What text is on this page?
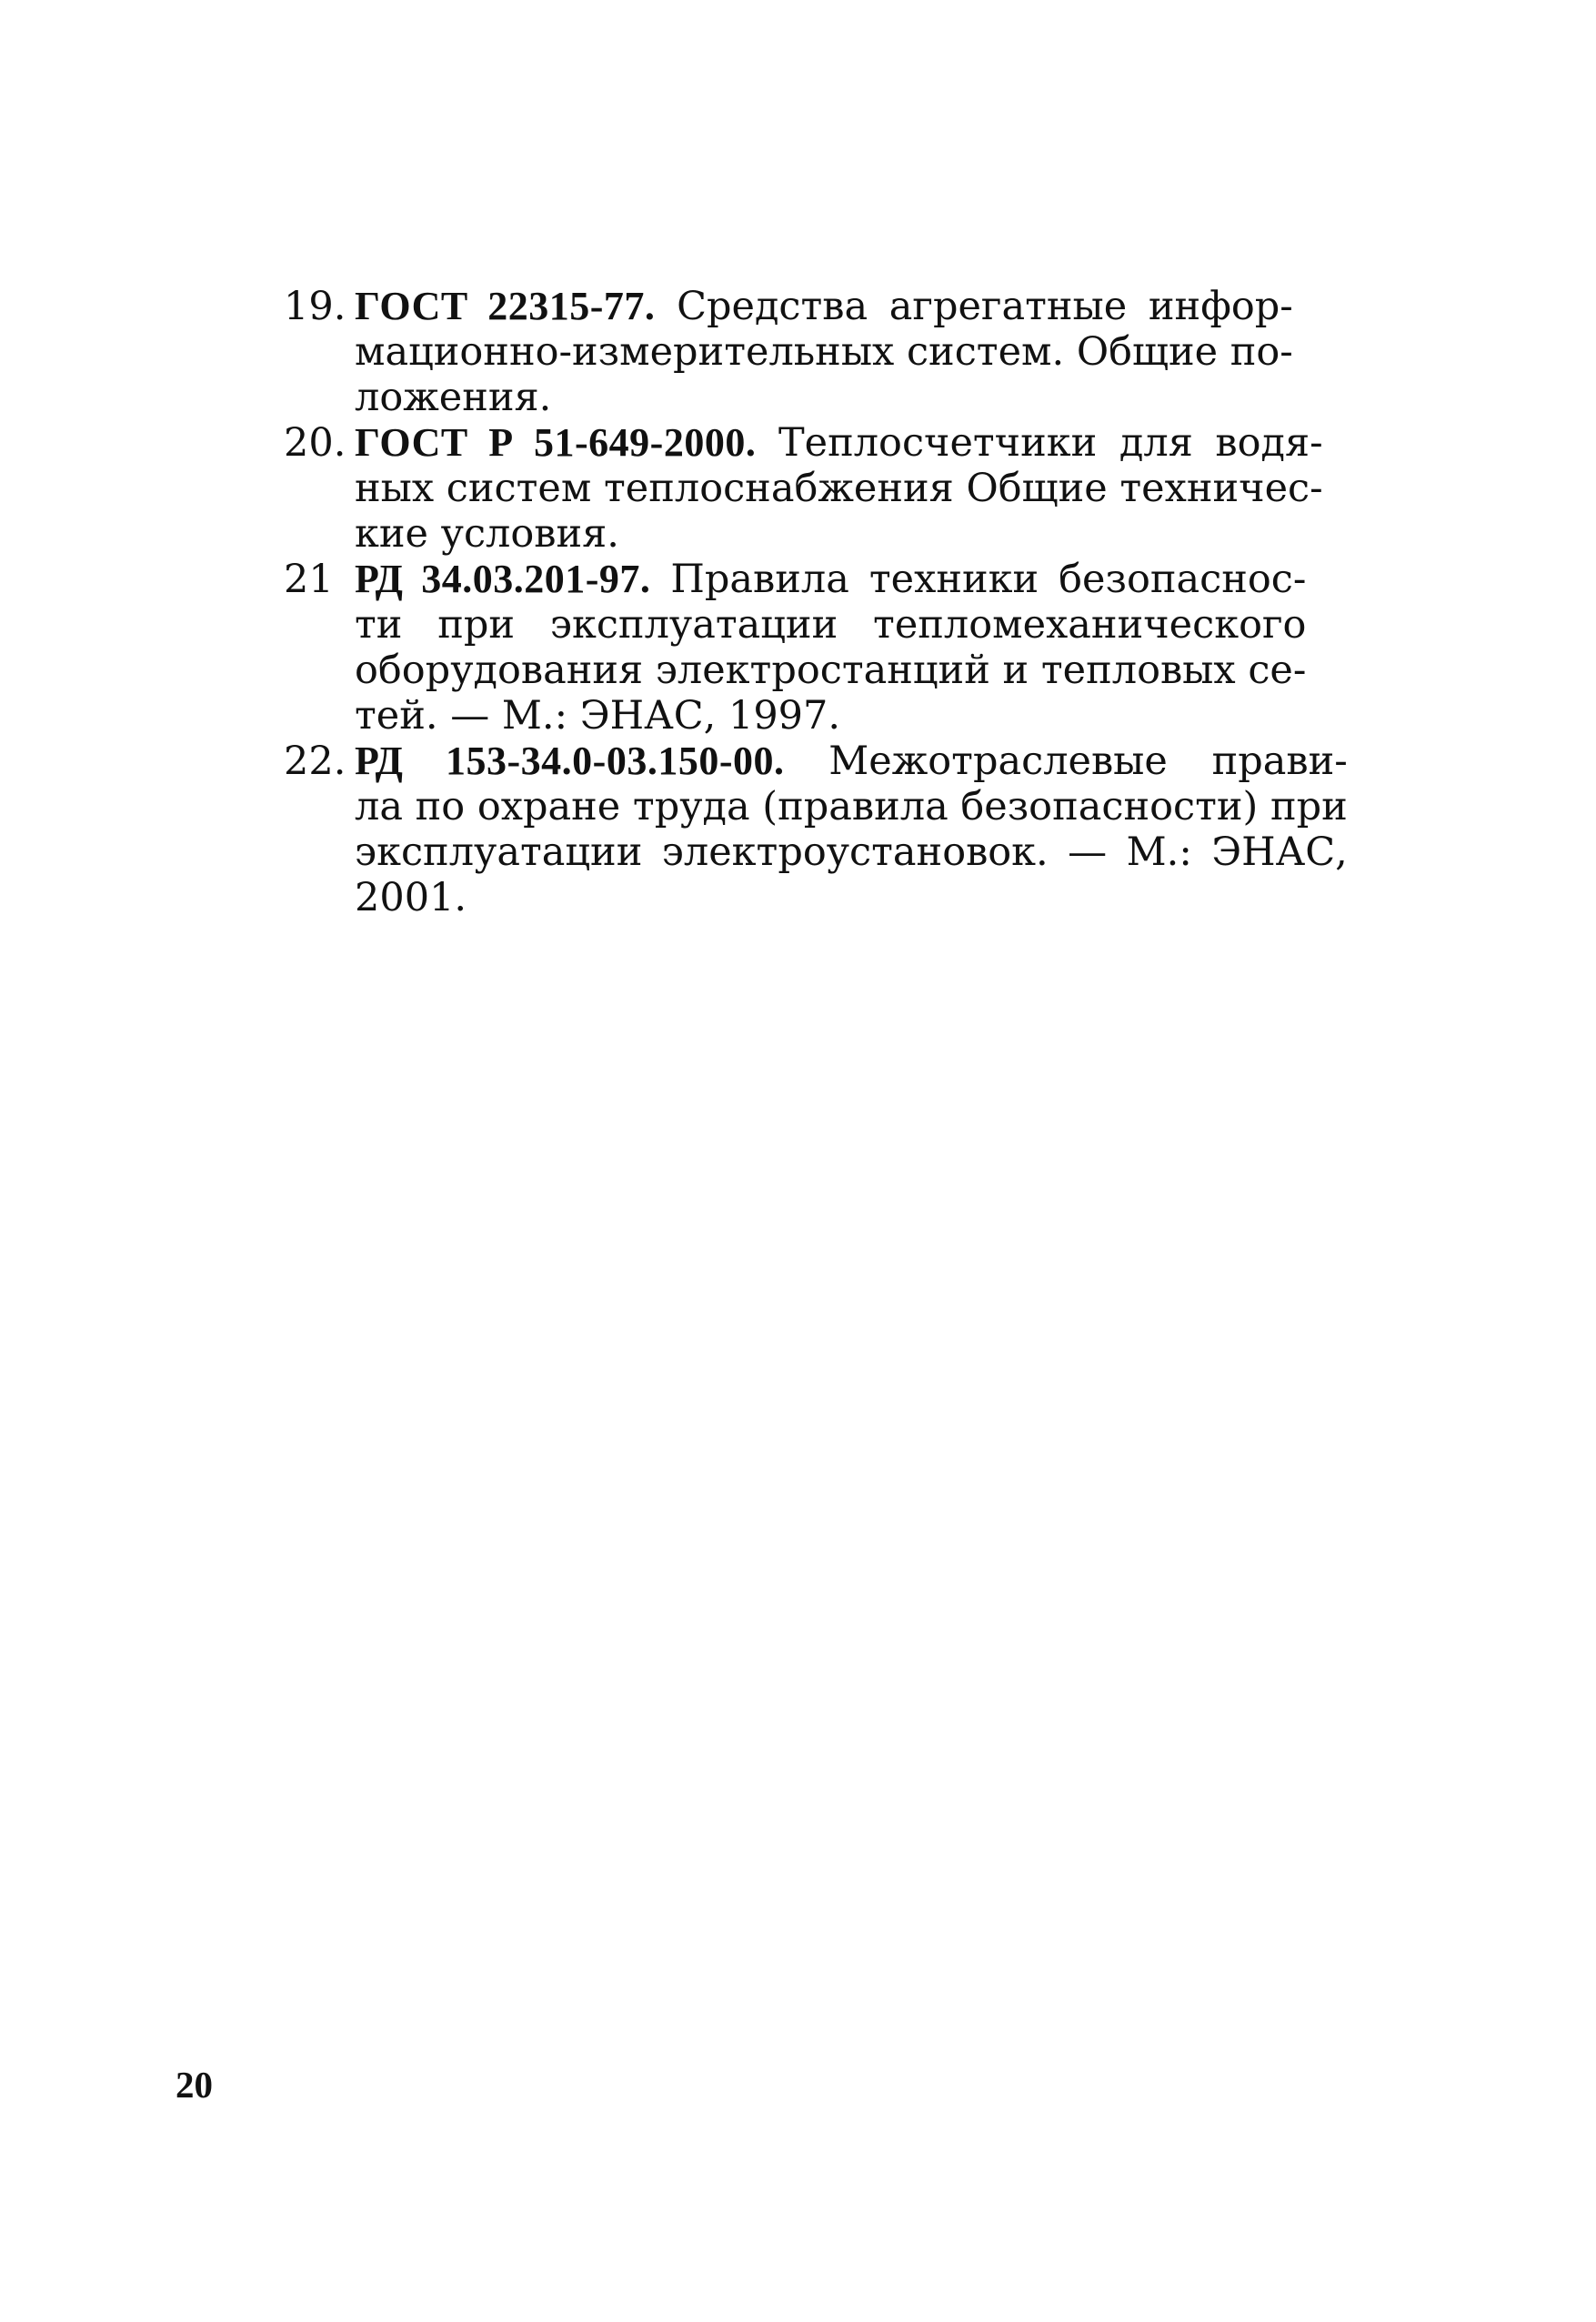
19. ГОСТ 22315-77. Средства агрегатные инфор-
мационно-измерительных систем. Общие по-
ложения.
20. ГОСТ Р 51-649-2000. Теплосчетчики для водя-
ных систем теплоснабжения Общие техничес-
кие условия.
21 РД 34.03.201-97. Правила техники безопаснос-
ти при эксплуатации тепломеханического
оборудования электростанций и тепловых се-
тей. — М.: ЭНАС, 1997.
22. РД 153-34.0-03.150-00. Межотраслевые прави-
ла по охране труда (правила безопасности) при
эксплуатации электроустановок. — М.: ЭНАС,
2001.
20
